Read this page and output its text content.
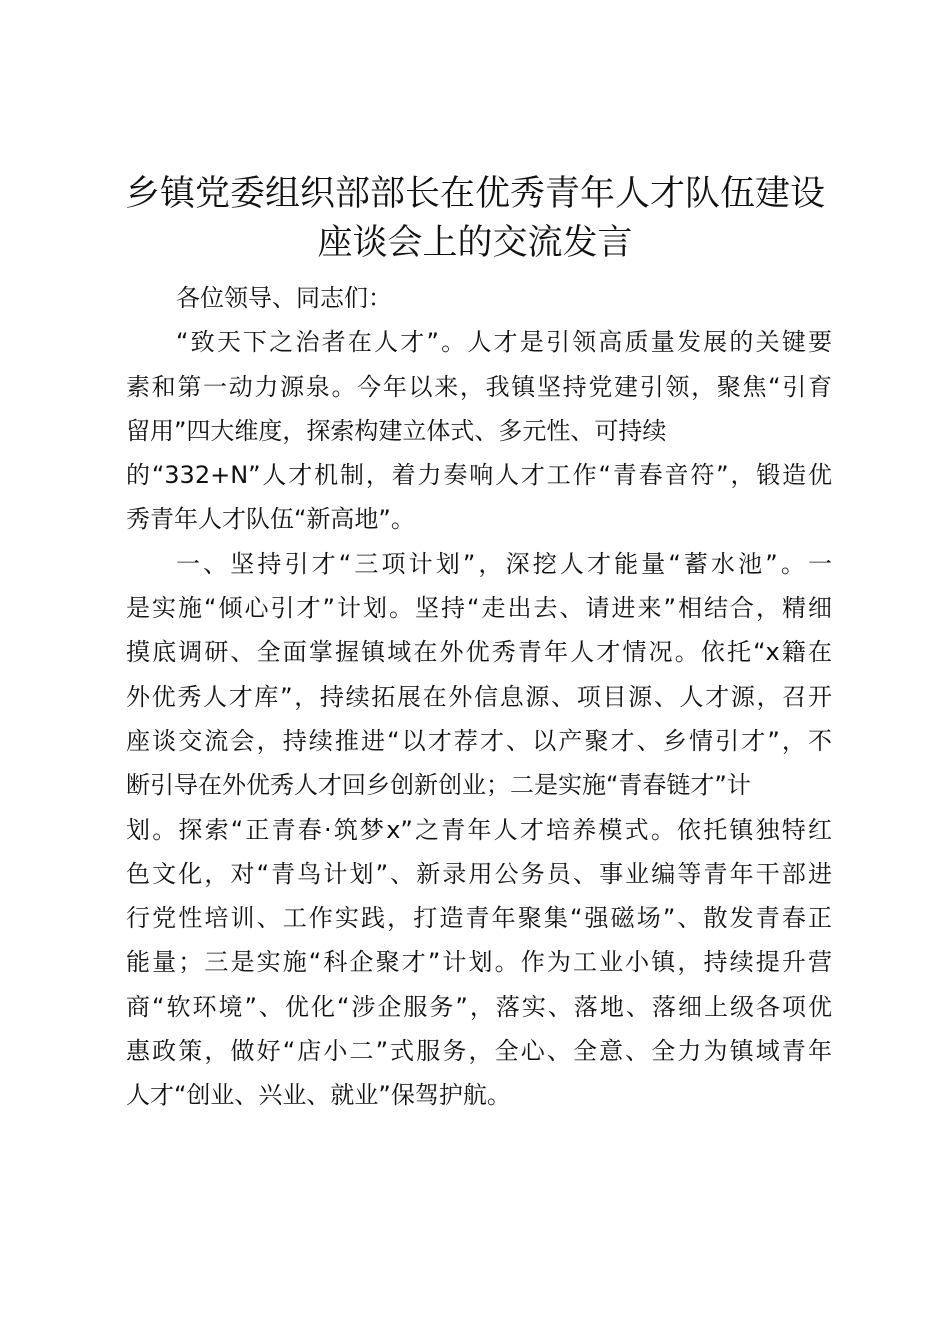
乡镇党委组织部部长在优秀青年人才队伍建设
座谈会上的交流发言
各位领导、同志们：
“致天下之治者在人才”。人才是引领高质量发展的关键要
素和第一动力源泉。今年以来，我镇坚持党建引领，聚焦“引育
留用”四大维度，探索构建立体式、多元性、可持续
的“332+N”人才机制，着力奏响人才工作“青春音符”，锻造优
秀青年人才队伍“新高地”。
一、坚持引才“三项计划”，深挖人才能量“蓄水池”。一
是实施“倾心引才”计划。坚持“走出去、请进来”相结合，精细
摸底调研、全面掌握镇域在外优秀青年人才情况。依托“x籍在
外优秀人才库”，持续拓展在外信息源、项目源、人才源，召开
座谈交流会，持续推进“以才荐才、以产聚才、乡情引才”，不
断引导在外优秀人才回乡创新创业；二是实施“青春链才”计
划。探索“正青春·筑梦x”之青年人才培养模式。依托镇独特红
色文化，对“青鸟计划”、新录用公务员、事业编等青年干部进
行党性培训、工作实践，打造青年聚集“强磁场”、散发青春正
能量；三是实施“科企聚才”计划。作为工业小镇，持续提升营
商“软环境”、优化“涉企服务”，落实、落地、落细上级各项优
惠政策，做好“店小二”式服务，全心、全意、全力为镇域青年
人才“创业、兴业、就业”保驾护航。
